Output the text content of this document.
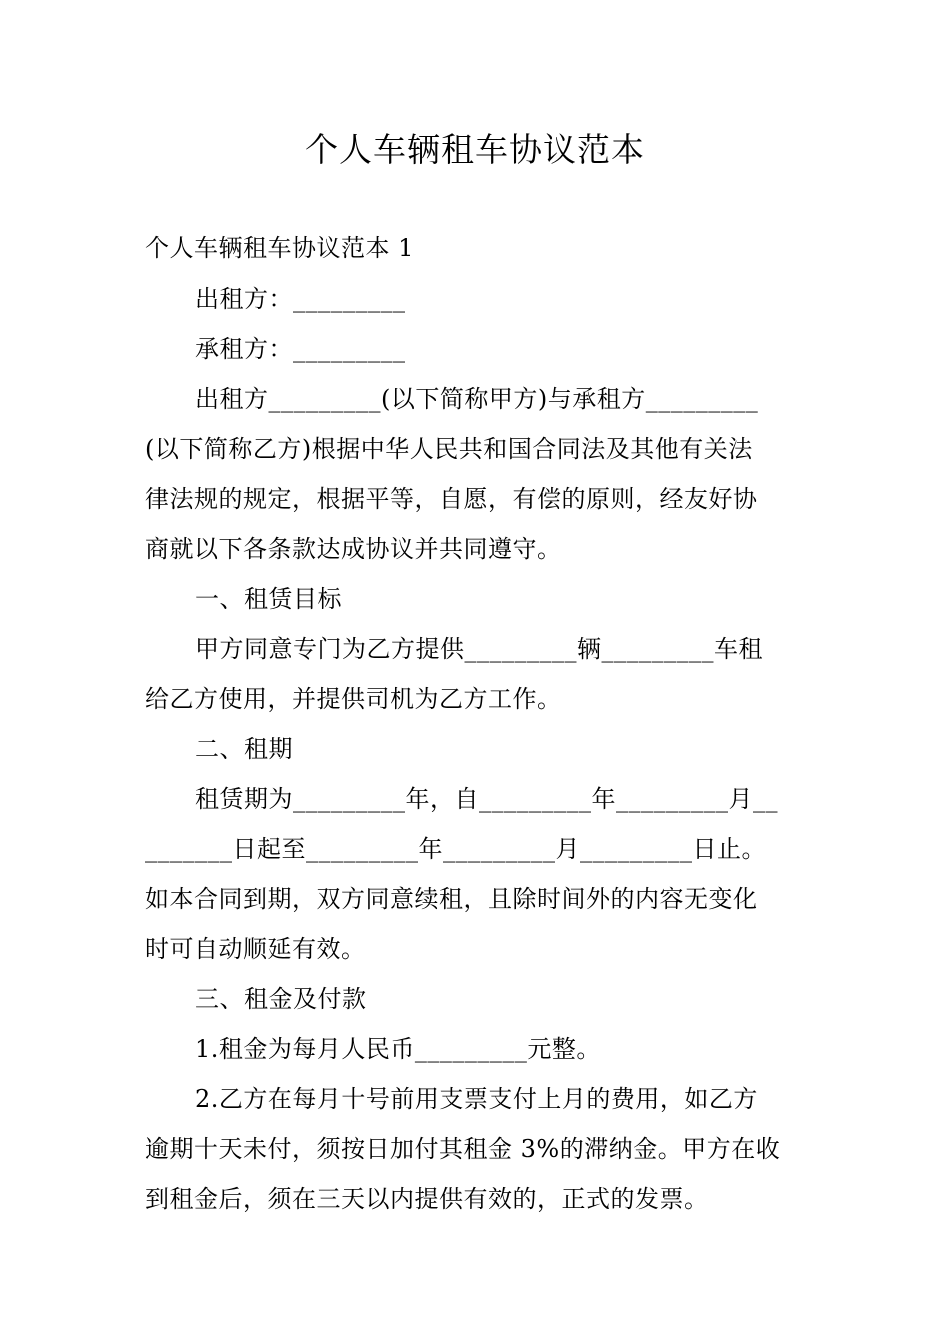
个人车辆租车协议范本
个人车辆租车协议范本 1
出租方：_________
承租方：_________
出租方_________(以下简称甲方)与承租方_________
(以下简称乙方)根据中华人民共和国合同法及其他有关法
律法规的规定，根据平等，自愿，有偿的原则，经友好协
商就以下各条款达成协议并共同遵守。
一、租赁目标
甲方同意专门为乙方提供_________辆_________车租
给乙方使用，并提供司机为乙方工作。
二、租期
租赁期为_________年，自_________年_________月__
_______日起至_________年_________月_________日止。
如本合同到期，双方同意续租，且除时间外的内容无变化
时可自动顺延有效。
三、租金及付款
1.租金为每月人民币_________元整。
2.乙方在每月十号前用支票支付上月的费用，如乙方
逾期十天未付，须按日加付其租金 3%的滞纳金。甲方在收
到租金后，须在三天以内提供有效的，正式的发票。
